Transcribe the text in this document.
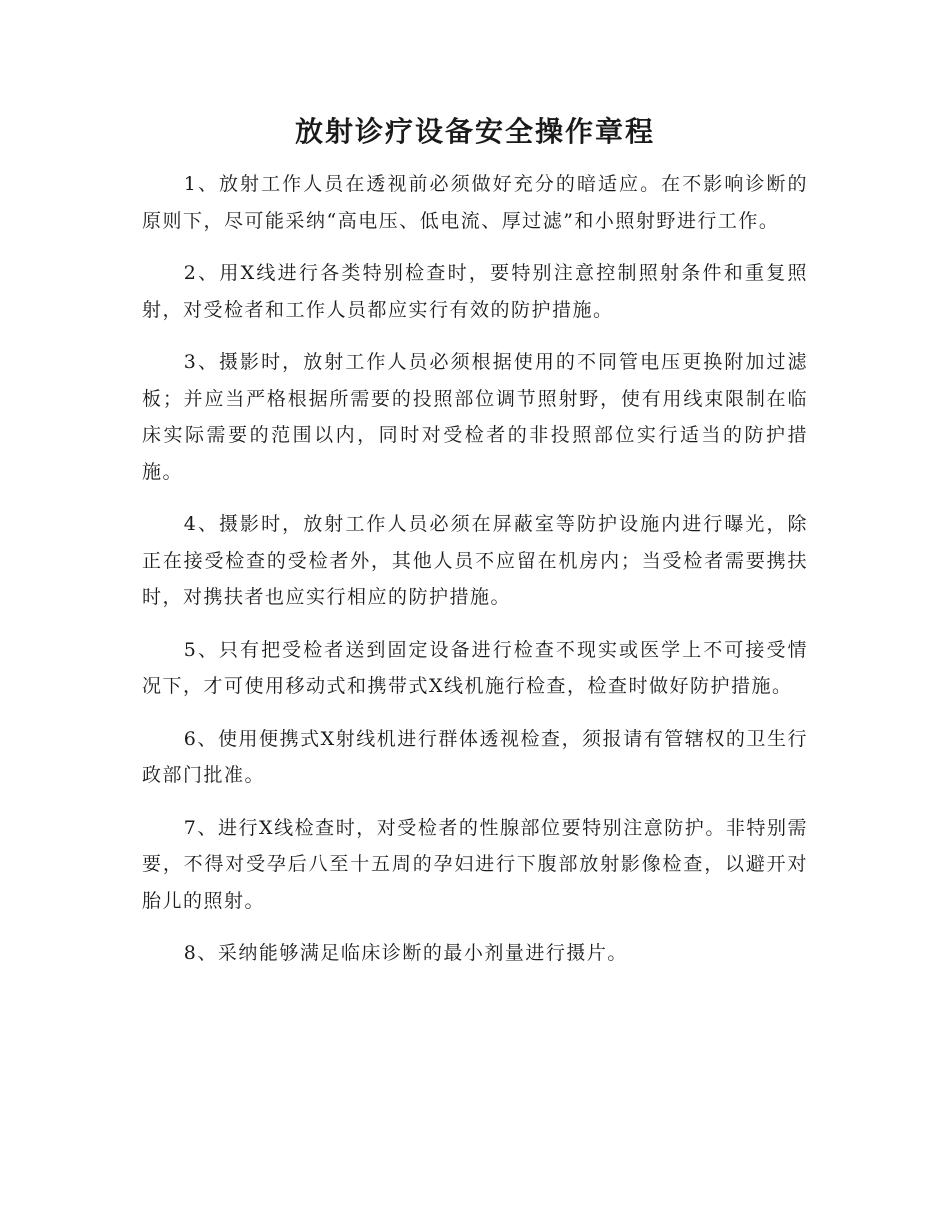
放射诊疗设备安全操作章程

1、放射工作人员在透视前必须做好充分的暗适应。在不影响诊断的原则下，尽可能采纳“高电压、低电流、厚过滤”和小照射野进行工作。

2、用X线进行各类特别检查时，要特别注意控制照射条件和重复照射，对受检者和工作人员都应实行有效的防护措施。

3、摄影时，放射工作人员必须根据使用的不同管电压更换附加过滤板；并应当严格根据所需要的投照部位调节照射野，使有用线束限制在临床实际需要的范围以内，同时对受检者的非投照部位实行适当的防护措施。

4、摄影时，放射工作人员必须在屏蔽室等防护设施内进行曝光，除正在接受检查的受检者外，其他人员不应留在机房内；当受检者需要携扶时，对携扶者也应实行相应的防护措施。

5、只有把受检者送到固定设备进行检查不现实或医学上不可接受情况下，才可使用移动式和携带式X线机施行检查，检查时做好防护措施。

6、使用便携式X射线机进行群体透视检查，须报请有管辖权的卫生行政部门批准。

7、进行X线检查时，对受检者的性腺部位要特别注意防护。非特别需要，不得对受孕后八至十五周的孕妇进行下腹部放射影像检查，以避开对胎儿的照射。

8、采纳能够满足临床诊断的最小剂量进行摄片。
